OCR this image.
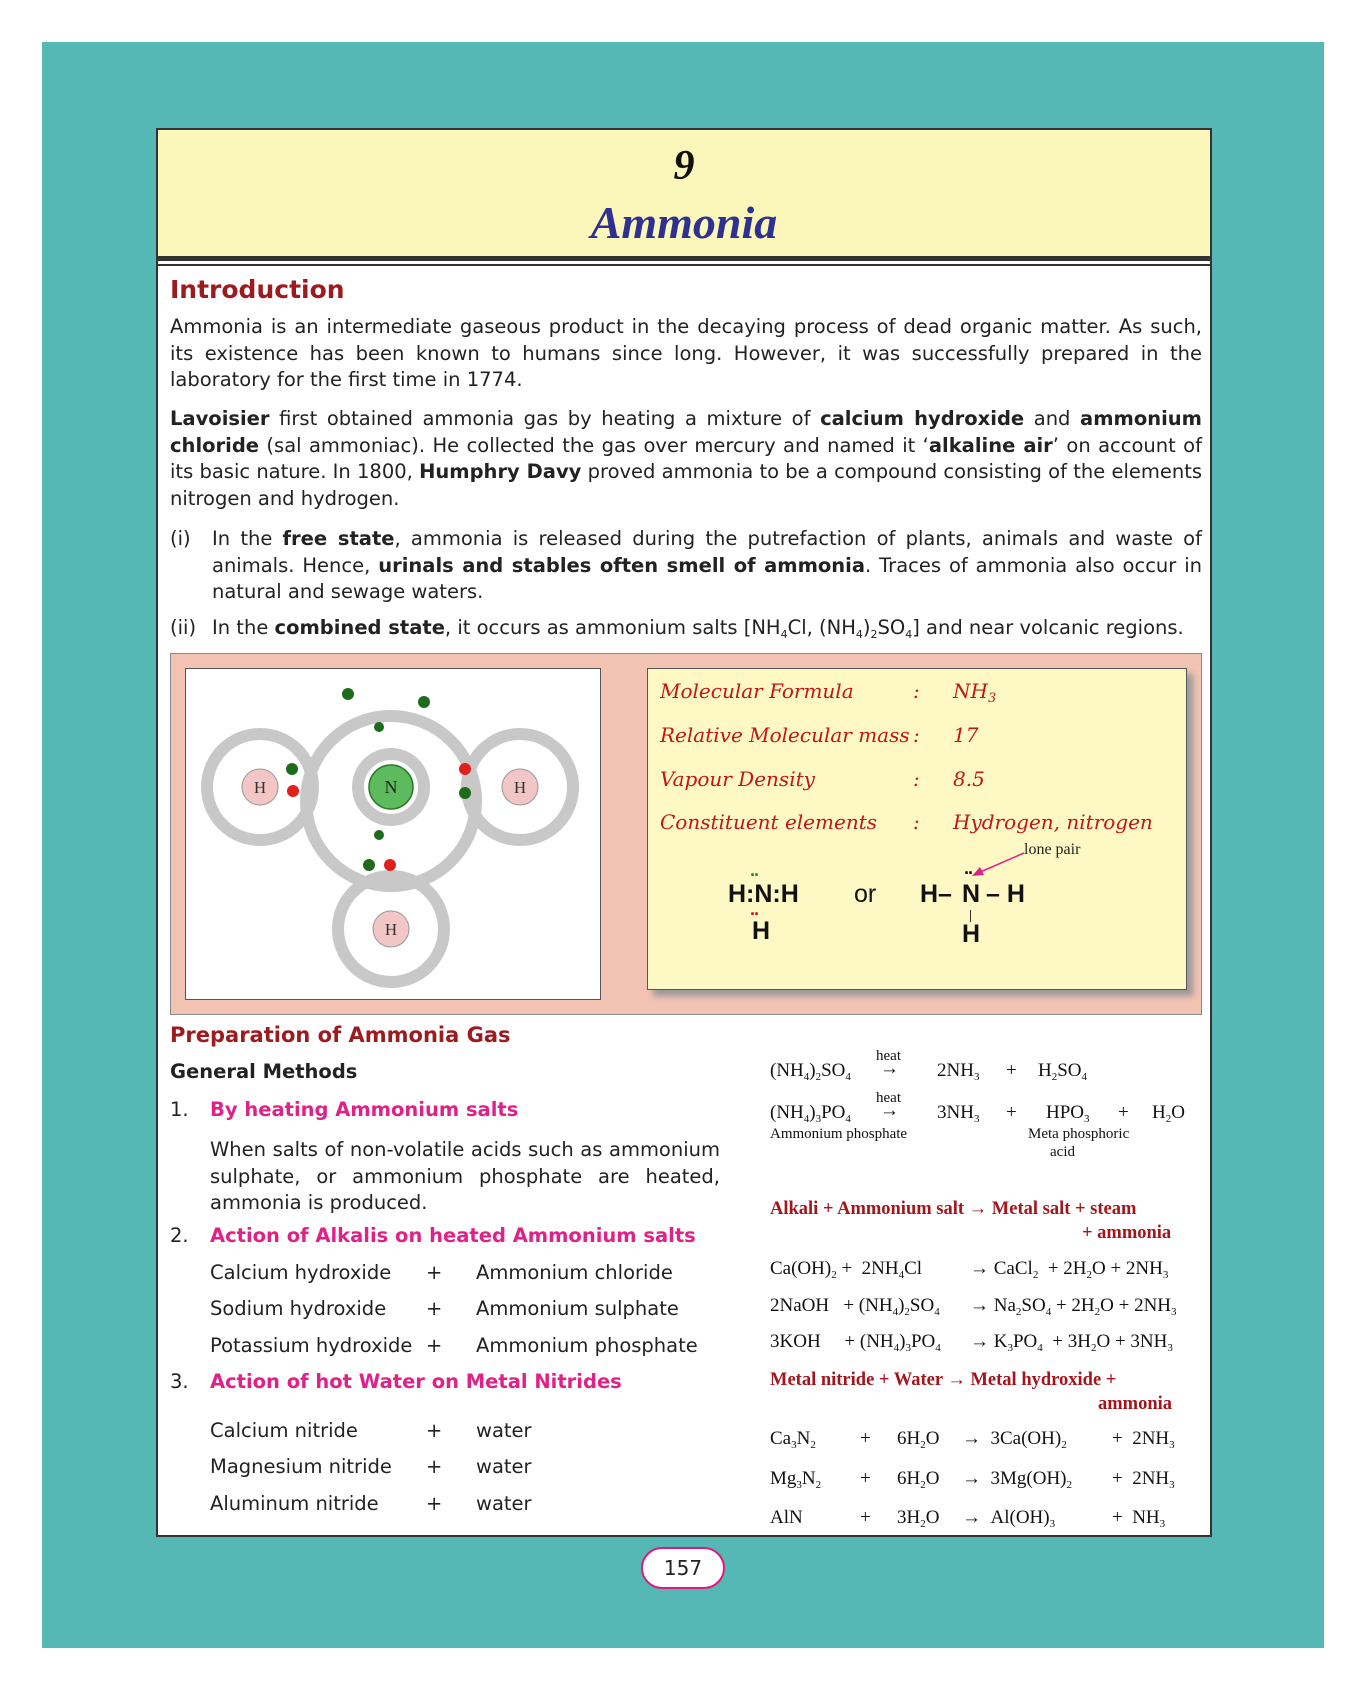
9
Ammonia
Introduction
Ammonia is an intermediate gaseous product in the decaying process of dead organic matter. As such, its existence has been known to humans since long. However, it was successfully prepared in the laboratory for the first time in 1774.
Lavoisier first obtained ammonia gas by heating a mixture of calcium hydroxide and ammonium chloride (sal ammoniac). He collected the gas over mercury and named it ‘alkaline air’ on account of its basic nature. In 1800, Humphry Davy proved ammonia to be a compound consisting of the elements nitrogen and hydrogen.
(i) In the free state, ammonia is released during the putrefaction of plants, animals and waste of animals. Hence, urinals and stables often smell of ammonia. Traces of ammonia also occur in natural and sewage waters.
(ii) In the combined state, it occurs as ammonium salts [$NH_4Cl$, $(NH_4)_2SO_4$] and near volcanic regions.
N
H	H
H
Molecular Formula	: $NH_3$
Relative Molecular mass : 17
Vapour Density	: 8.5
Constituent elements : Hydrogen, nitrogen
lone pair
··
H:N:H
··
H
or H–
··
N – H
H
Preparation of Ammonia Gas
General Methods
1. By heating Ammonium salts
When salts of non-volatile acids such as ammonium sulphate, or ammonium phosphate are heated, ammonia is produced.
2. Action of Alkalis on heated Ammonium salts
Calcium hydroxide + Ammonium chloride
Sodium hydroxide + Ammonium sulphate
Potassium hydroxide + Ammonium phosphate
3. Action of hot Water on Metal Nitrides
Calcium nitride	+ water
Magnesium nitride + water
Aluminum nitride + water
heat
$(NH_4)_2SO_4 \to 2NH_3 + H_2SO_4$
heat
$(NH_4)_3PO_4 \to 3NH_3 + HPO_3 + H_2O$
Ammonium phosphate	Meta phosphoric
acid
Alkali + Ammonium salt → Metal salt + steam
+ ammonia
$Ca(OH)_2 + 2NH_4Cl$	→ CaCl$_2$  + $2H_2O + 2NH_3$
2NaOH   + $(NH_4)_2SO_4 \to Na_2SO_4 + 2H_2O + 2NH_3$
3KOH     + $(NH_4)_3PO_4 \to K_3PO_4 + 3H_2O + 3NH_3$
Metal nitride + Water → Metal hydroxide +
ammonia
$Ca_3N_2 + 6H_2O \to 3Ca(OH)_2 + 2NH_3$
$Mg_3N_2 + 6H_2O \to 3Mg(OH)_2 + 2NH_3$
AlN	+ $3H_2O \to Al(OH)_3$	+  $NH_3$
157
